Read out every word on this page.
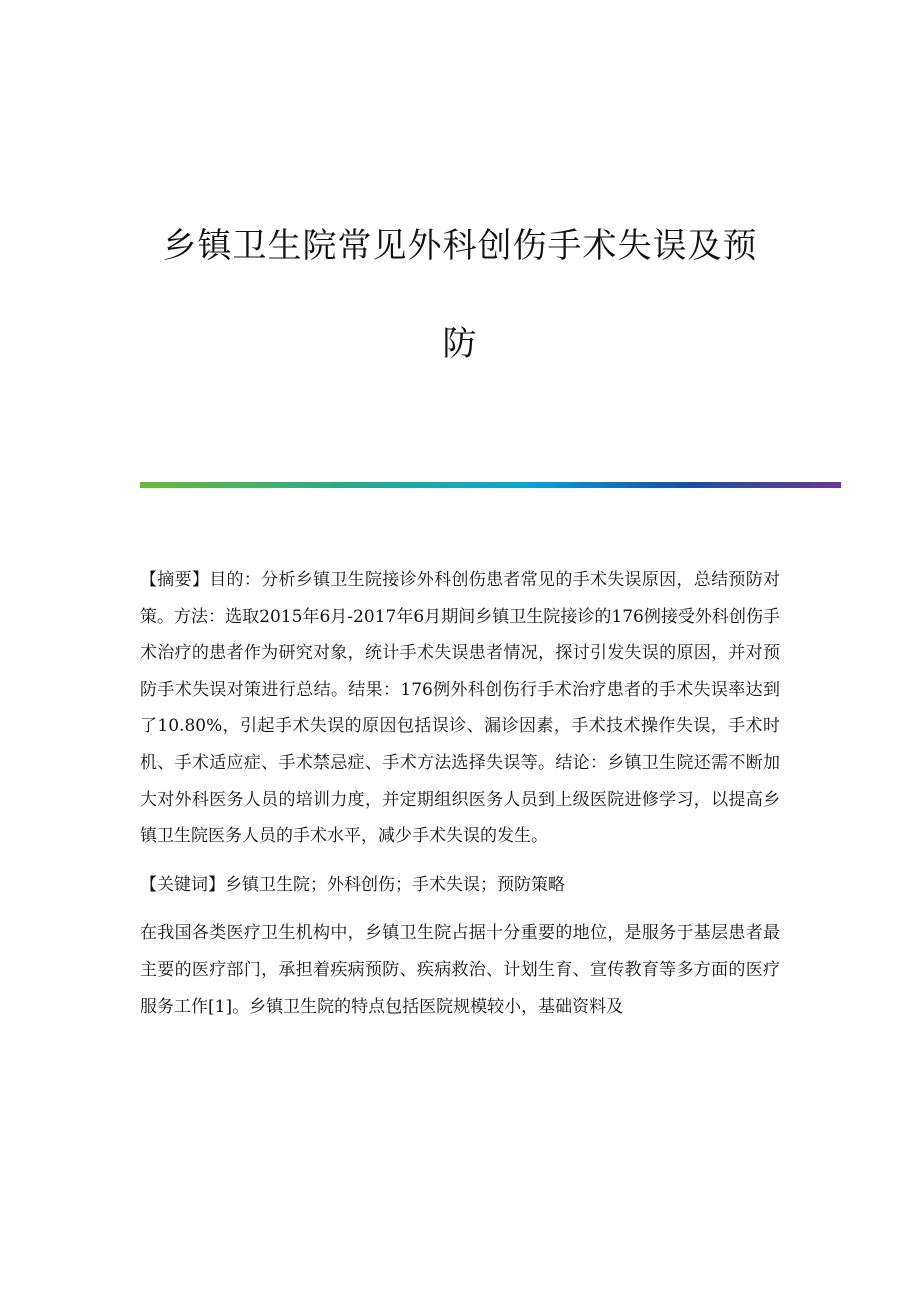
乡镇卫生院常见外科创伤手术失误及预
防

【摘要】目的：分析乡镇卫生院接诊外科创伤患者常见的手术失误原因，总结预防对策。方法：选取2015年6月-2017年6月期间乡镇卫生院接诊的176例接受外科创伤手术治疗的患者作为研究对象，统计手术失误患者情况，探讨引发失误的原因，并对预防手术失误对策进行总结。结果：176例外科创伤行手术治疗患者的手术失误率达到了10.80%，引起手术失误的原因包括误诊、漏诊因素，手术技术操作失误，手术时机、手术适应症、手术禁忌症、手术方法选择失误等。结论：乡镇卫生院还需不断加大对外科医务人员的培训力度，并定期组织医务人员到上级医院进修学习，以提高乡镇卫生院医务人员的手术水平，减少手术失误的发生。

【关键词】乡镇卫生院；外科创伤；手术失误；预防策略

在我国各类医疗卫生机构中，乡镇卫生院占据十分重要的地位，是服务于基层患者最主要的医疗部门，承担着疾病预防、疾病救治、计划生育、宣传教育等多方面的医疗服务工作[1]。乡镇卫生院的特点包括医院规模较小，基础资料及
